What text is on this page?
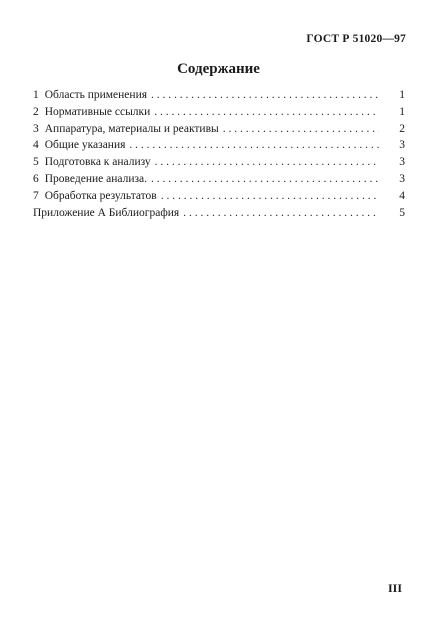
ГОСТ Р 51020—97
Содержание
1 Область применения . . .	1
2 Нормативные ссылки . . .	1
3 Аппаратура, материалы и реактивы . . .	2
4 Общие указания . . .	3
5 Подготовка к анализу . . .	3
6 Проведение анализа. . . .	3
7 Обработка результатов . . .	4
Приложение А Библиография . . .	5
III
